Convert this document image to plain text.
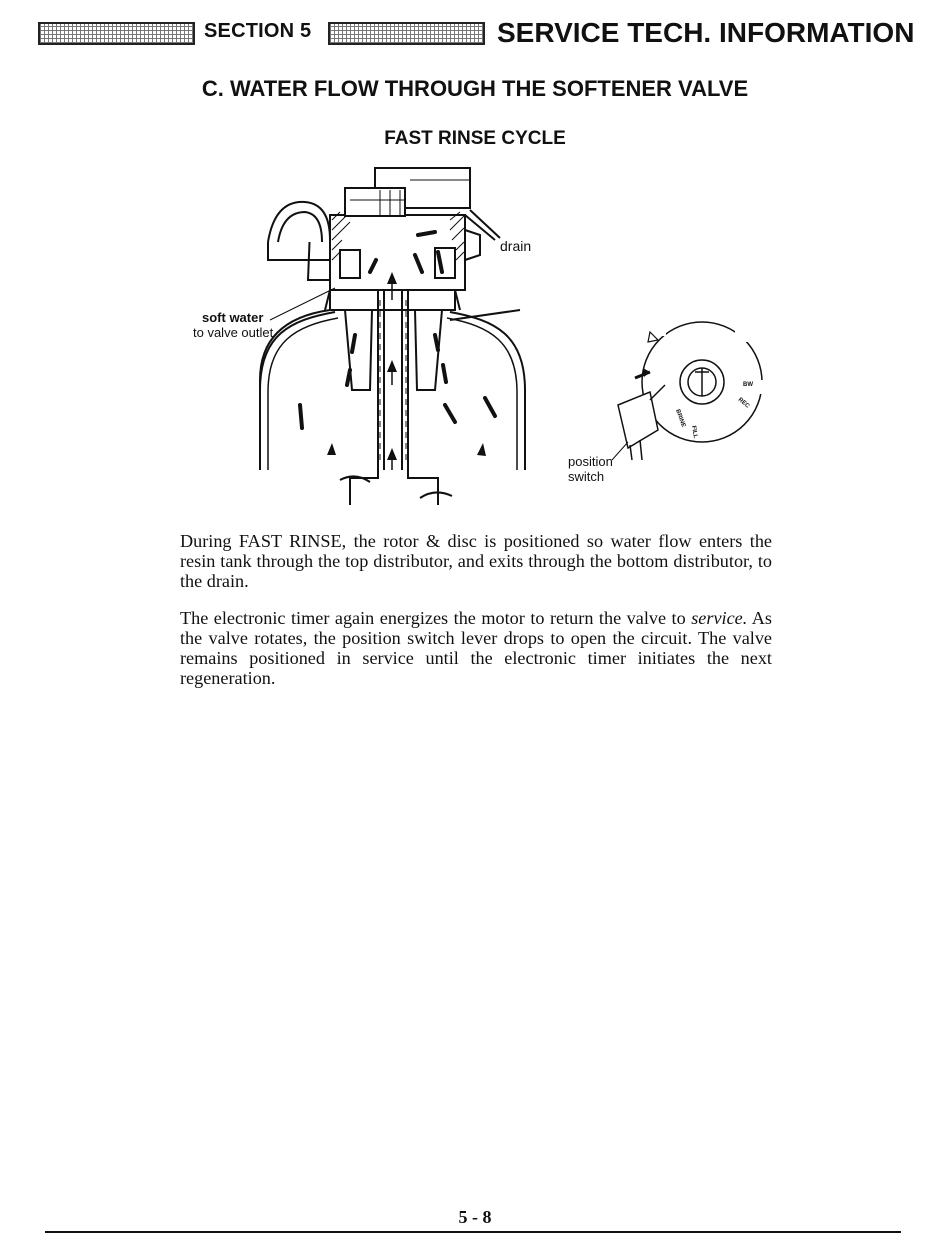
SECTION 5	SERVICE TECH. INFORMATION
C. WATER FLOW THROUGH THE SOFTENER VALVE
FAST RINSE CYCLE
drain
soft water
to valve outlet
position
switch
BW
REC
FILL
BRINE

During FAST RINSE, the rotor & disc is positioned so water flow enters the resin tank through the top distributor, and exits through the bottom distributor, to the drain.

The electronic timer again energizes the motor to return the valve to service. As the valve rotates, the position switch lever drops to open the circuit. The valve remains positioned in service until the electronic timer initiates the next regeneration.

5 - 8
